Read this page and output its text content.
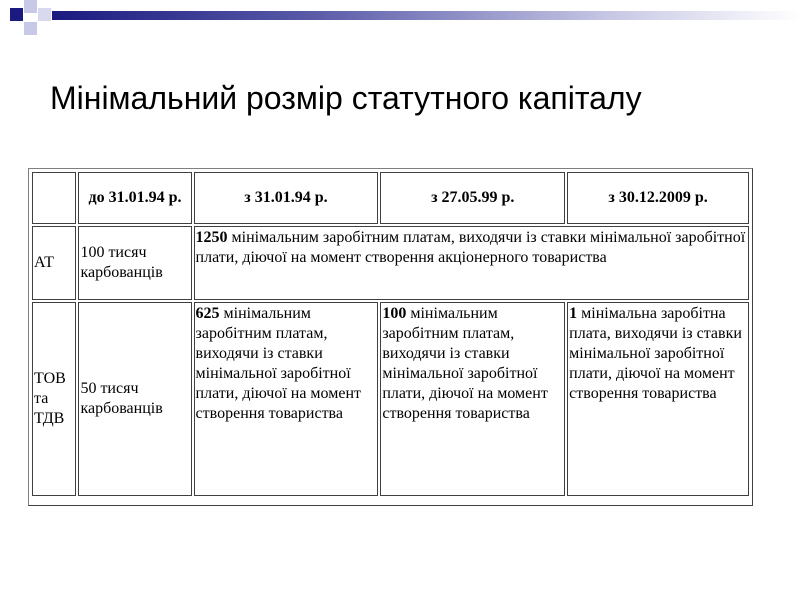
Мінімальний розмір статутного капіталу
	до 31.01.94 р.	з 31.01.94 р.	з 27.05.99 р.	з 30.12.2009 р.
АТ	100 тисяч карбованців	1250 мінімальним заробітним платам, виходячи із ставки мінімальної заробітної плати, діючої на момент створення акціонерного товариства		
ТОВ та ТДВ	50 тисяч карбованців	625 мінімальним заробітним платам, виходячи із ставки мінімальної заробітної плати, діючої на момент створення товариства	100 мінімальним заробітним платам, виходячи із ставки мінімальної заробітної плати, діючої на момент створення товариства	1 мінімальна заробітна плата, виходячи із ставки мінімальної заробітної плати, діючої на момент створення товариства
